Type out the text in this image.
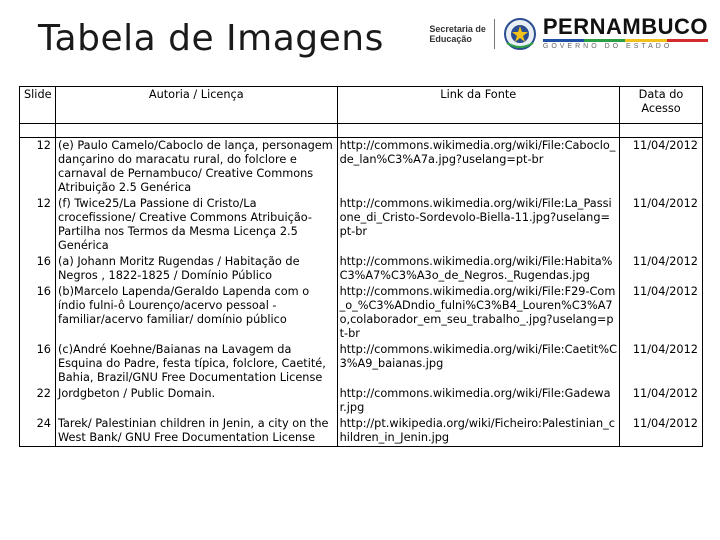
Tabela de Imagens	Secretaria de
Educação	PERNAMBUCO
GOVERNO DO ESTADO
Slide	Autoria / Licença	Link da Fonte	Data do Acesso

12	(e) Paulo Camelo/Caboclo de lança, personagem dançarino do maracatu rural, do folclore e carnaval de Pernambuco/ Creative Commons Atribuição 2.5 Genérica	http://commons.wikimedia.org/wiki/File:Caboclo_de_lan%C3%A7a.jpg?uselang=pt-br	11/04/2012
12	(f) Twice25/La Passione di Cristo/La crocefissione/ Creative Commons Atribuição-Partilha nos Termos da Mesma Licença 2.5 Genérica	http://commons.wikimedia.org/wiki/File:La_Passione_di_Cristo-Sordevolo-Biella-11.jpg?uselang=pt-br	11/04/2012
16	(a) Johann Moritz Rugendas / Habitação de Negros , 1822-1825 / Domínio Público	http://commons.wikimedia.org/wiki/File:Habita%C3%A7%C3%A3o_de_Negros._Rugendas.jpg	11/04/2012
16	(b)Marcelo Lapenda/Geraldo Lapenda com o índio fulni-ô Lourenço/acervo pessoal - familiar/acervo familiar/ domínio público	http://commons.wikimedia.org/wiki/File:F29-Com_o_%C3%ADndio_fulni%C3%B4_Louren%C3%A7o,colaborador_em_seu_trabalho_.jpg?uselang=pt-br	11/04/2012
16	(c)André Koehne/Baianas na Lavagem da Esquina do Padre, festa típica, folclore, Caetité, Bahia, Brazil/GNU Free Documentation License	http://commons.wikimedia.org/wiki/File:Caetit%C3%A9_baianas.jpg	11/04/2012
22	Jordgbeton / Public Domain.	http://commons.wikimedia.org/wiki/File:Gadewar.jpg	11/04/2012
24	Tarek/ Palestinian children in Jenin, a city on the West Bank/ GNU Free Documentation License	http://pt.wikipedia.org/wiki/Ficheiro:Palestinian_children_in_Jenin.jpg	11/04/2012
